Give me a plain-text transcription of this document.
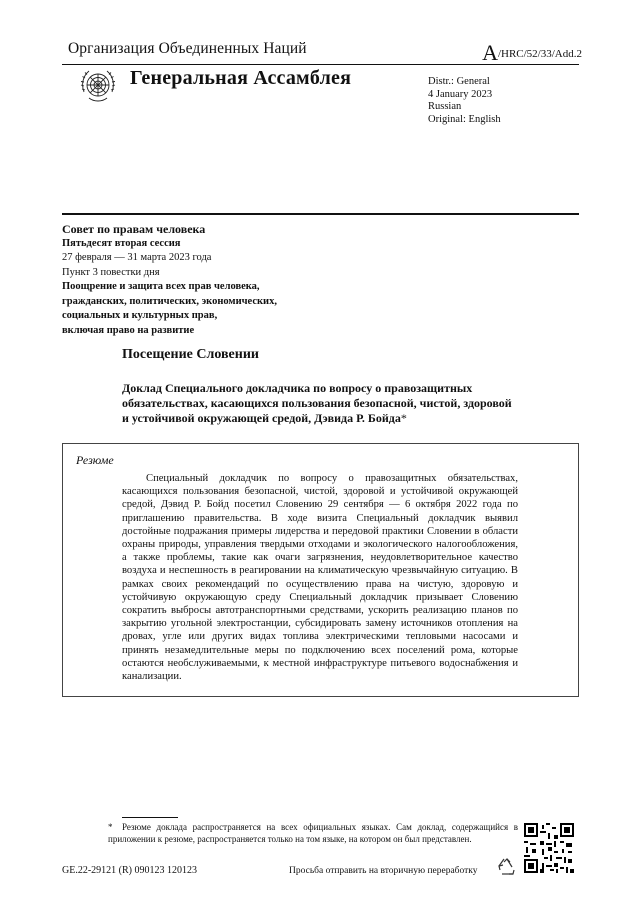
Организация Объединенных Наций	A/HRC/52/33/Add.2
Генеральная Ассамблея	Distr.: General
4 January 2023
Russian
Original: English
Совет по правам человека
Пятьдесят вторая сессия
27 февраля — 31 марта 2023 года
Пункт 3 повестки дня
Поощрение и защита всех прав человека,
гражданских, политических, экономических,
социальных и культурных прав,
включая право на развитие
Посещение Словении
Доклад Специального докладчика по вопросу о правозащитных обязательствах, касающихся пользования безопасной, чистой, здоровой и устойчивой окружающей средой, Дэвида Р. Бойда*
Резюме

Специальный докладчик по вопросу о правозащитных обязательствах, касающихся пользования безопасной, чистой, здоровой и устойчивой окружающей средой, Дэвид Р. Бойд посетил Словению 29 сентября — 6 октября 2022 года по приглашению правительства. В ходе визита Специальный докладчик выявил достойные подражания примеры лидерства и передовой практики Словении в области охраны природы, управления твердыми отходами и экологического налогообложения, а также проблемы, такие как очаги загрязнения, неудовлетворительное качество воздуха и неспешность в реагировании на климатическую чрезвычайную ситуацию. В рамках своих рекомендаций по осуществлению права на чистую, здоровую и устойчивую окружающую среду Специальный докладчик призывает Словению сократить выбросы автотранспортными средствами, ускорить реализацию планов по закрытию угольной электростанции, субсидировать замену источников отопления на дровах, угле или других видах топлива электрическими тепловыми насосами и принять незамедлительные меры по подключению всех поселений рома, которые остаются необслуживаемыми, к местной инфраструктуре питьевого водоснабжения и канализации.

* Резюме доклада распространяется на всех официальных языках. Сам доклад, содержащийся в приложении к резюме, распространяется только на том языке, на котором он был представлен.
GE.22-29121 (R) 090123 120123	Просьба отправить на вторичную переработку
